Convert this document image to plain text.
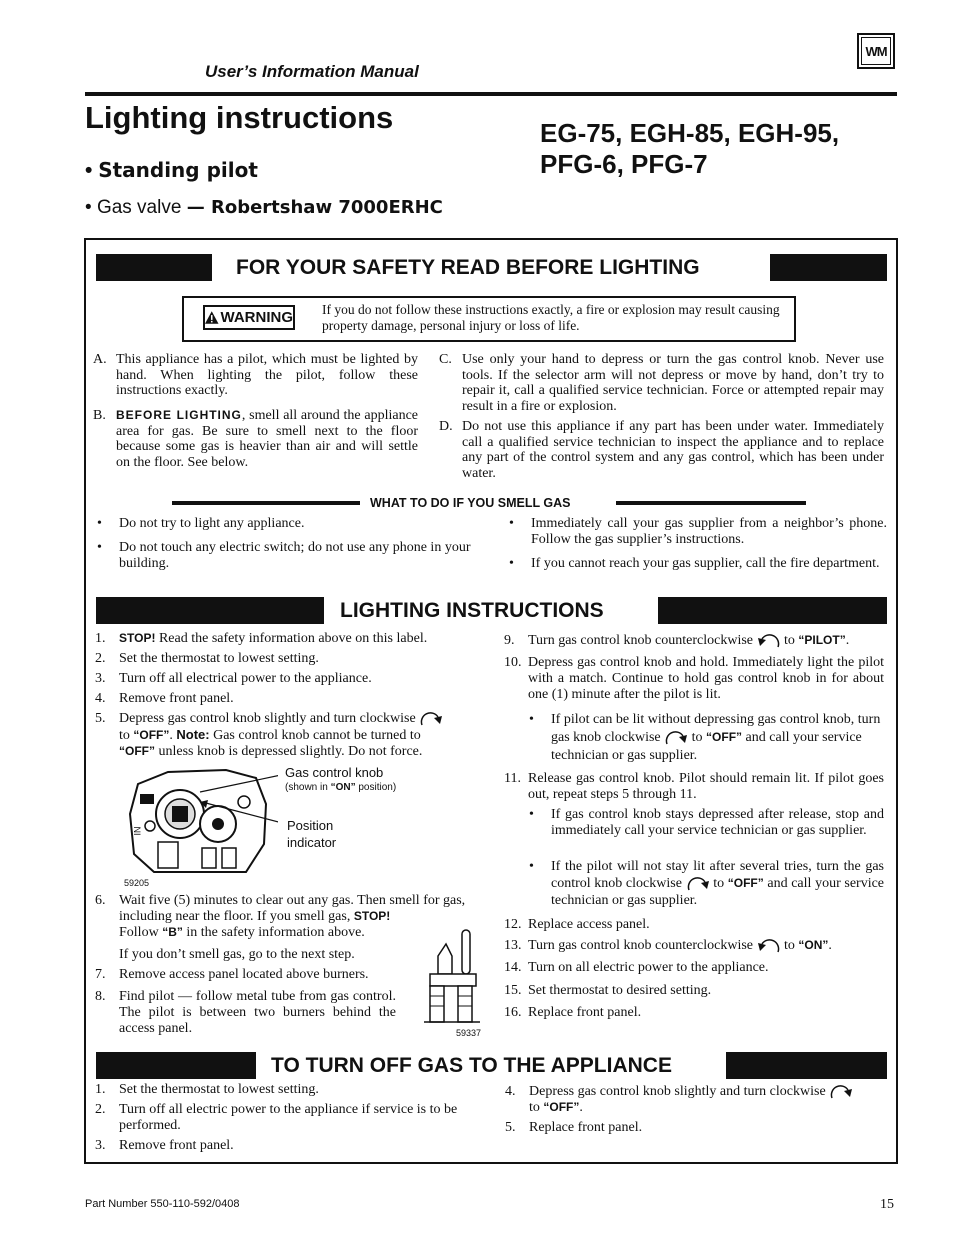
User’s Information Manual
WM
Lighting instructions	EG-75, EGH-85, EGH-95,
PFG-6, PFG-7
• Standing pilot
• Gas valve — Robertshaw 7000ERHC
FOR YOUR SAFETY READ BEFORE LIGHTING
WARNING If you do not follow these instructions exactly, a fire or explosion may result causing property damage, personal injury or loss of life.
A. This appliance has a pilot, which must be lighted by hand. When lighting the pilot, follow these instructions exactly.
B. BEFORE LIGHTING, smell all around the appliance area for gas. Be sure to smell next to the floor because some gas is heavier than air and will settle on the floor. See below.
C. Use only your hand to depress or turn the gas control knob. Never use tools. If the selector arm will not depress or move by hand, don’t try to repair it, call a qualified service technician. Force or attempted repair may result in a fire or explosion.
D. Do not use this appliance if any part has been under water. Immediately call a qualified service technician to inspect the appliance and to replace any part of the control system and any gas control, which has been under water.
WHAT TO DO IF YOU SMELL GAS
• Do not try to light any appliance.
• Do not touch any electric switch; do not use any phone in your building.
• Immediately call your gas supplier from a neighbor’s phone. Follow the gas supplier’s instructions.
• If you cannot reach your gas supplier, call the fire department.
LIGHTING INSTRUCTIONS
1. STOP! Read the safety information above on this label.
2. Set the thermostat to lowest setting.
3. Turn off all electrical power to the appliance.
4. Remove front panel.
5. Depress gas control knob slightly and turn clockwise
to “OFF”. Note: Gas control knob cannot be turned to
“OFF” unless knob is depressed slightly. Do not force.
IN
Gas control knob
(shown in “ON” position)
Position
indicator
59205
6. Wait five (5) minutes to clear out any gas. Then smell for gas, including near the floor. If you smell gas, STOP!
Follow “B” in the safety information above.
If you don’t smell gas, go to the next step.
7. Remove access panel located above burners.
8. Find pilot — follow metal tube from gas control. The pilot is between two burners behind the access panel.	59337
9. Turn gas control knob counterclockwise to “PILOT”.
10. Depress gas control knob and hold. Immediately light the pilot with a match. Continue to hold gas control knob in for about one (1) minute after the pilot is lit.
• If pilot can be lit without depressing gas control knob, turn gas knob clockwise to “OFF” and call your service technician or gas supplier.
11. Release gas control knob. Pilot should remain lit. If pilot goes out, repeat steps 5 through 11.
• If gas control knob stays depressed after release, stop and immediately call your service technician or gas supplier.
• If the pilot will not stay lit after several tries, turn the gas control knob clockwise to “OFF” and call your service technician or gas supplier.
12. Replace access panel.
13. Turn gas control knob counterclockwise to “ON”.
14. Turn on all electric power to the appliance.
15. Set thermostat to desired setting.
16. Replace front panel.
TO TURN OFF GAS TO THE APPLIANCE
1. Set the thermostat to lowest setting.
2. Turn off all electric power to the appliance if service is to be performed.
3. Remove front panel.
4. Depress gas control knob slightly and turn clockwise
to “OFF”.
5. Replace front panel.
Part Number 550-110-592/0408	15
